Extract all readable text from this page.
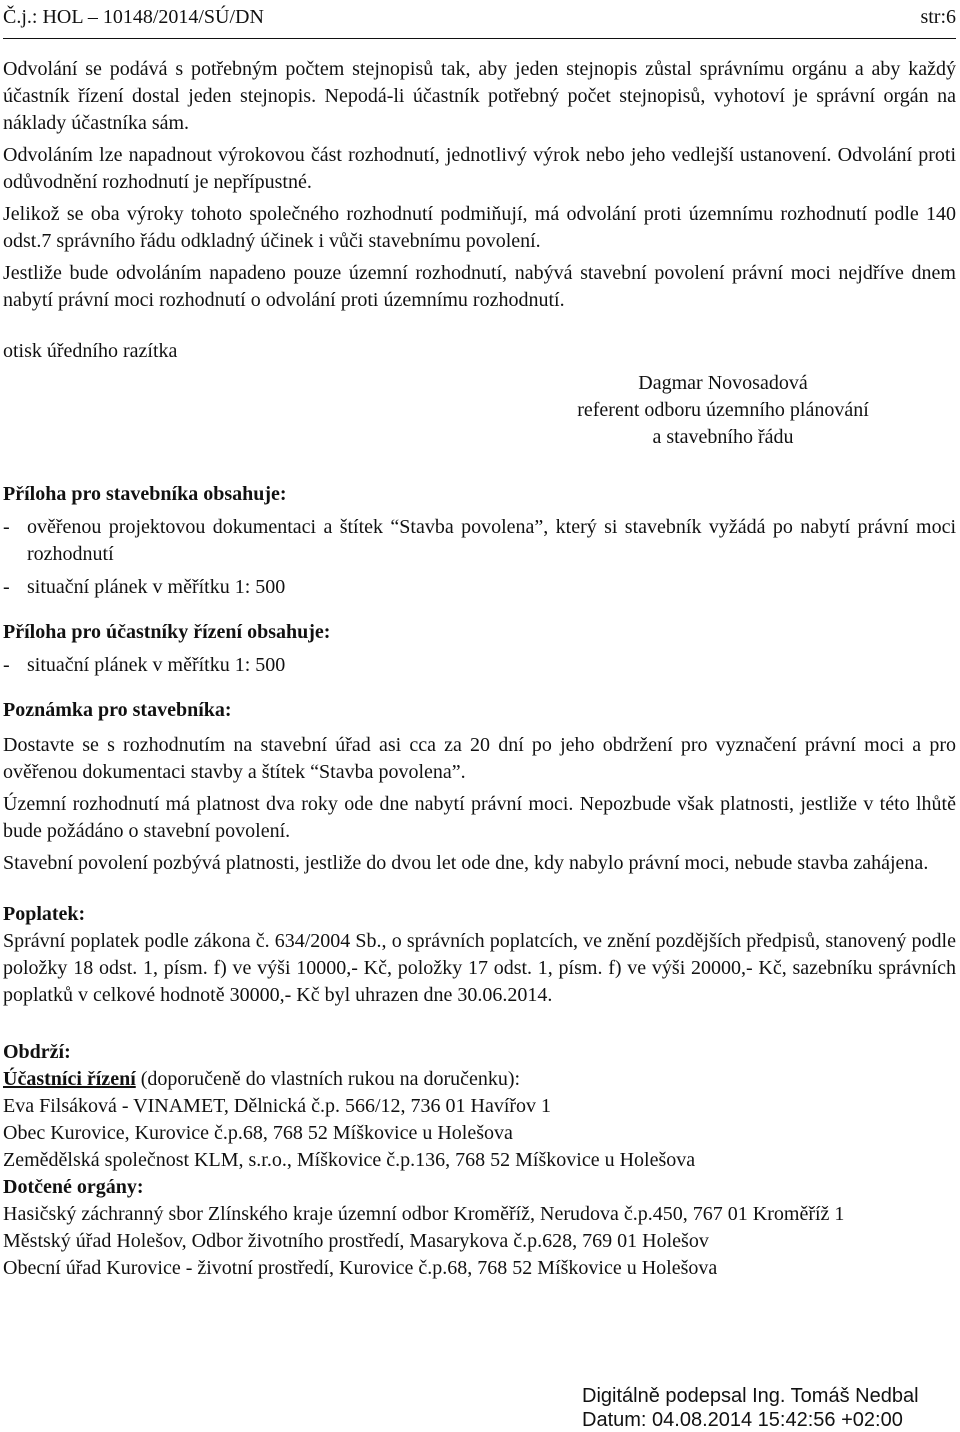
Č.j.: HOL – 10148/2014/SÚ/DN	str:6

Odvolání se podává s potřebným počtem stejnopisů tak, aby jeden stejnopis zůstal správnímu orgánu a aby každý účastník řízení dostal jeden stejnopis. Nepodá-li účastník potřebný počet stejnopisů, vyhotoví je správní orgán na náklady účastníka sám.

Odvoláním lze napadnout výrokovou část rozhodnutí, jednotlivý výrok nebo jeho vedlejší ustanovení. Odvolání proti odůvodnění rozhodnutí je nepřípustné.

Jelikož se oba výroky tohoto společného rozhodnutí podmiňují, má odvolání proti územnímu rozhodnutí podle 140 odst.7 správního řádu odkladný účinek i vůči stavebnímu povolení.

Jestliže bude odvoláním napadeno pouze územní rozhodnutí, nabývá stavební povolení právní moci nejdříve dnem nabytí právní moci rozhodnutí o odvolání proti územnímu rozhodnutí.

otisk úředního razítka

Dagmar Novosadová
referent odboru územního plánování
a stavebního řádu
Příloha pro stavebníka obsahuje:
- ověřenou projektovou dokumentaci a štítek “Stavba povolena”, který si stavebník vyžádá po nabytí právní moci rozhodnutí
- situační plánek v měřítku 1: 500
Příloha pro účastníky řízení obsahuje:
- situační plánek v měřítku 1: 500
Poznámka pro stavebníka:

Dostavte se s rozhodnutím na stavební úřad asi cca za 20 dní po jeho obdržení pro vyznačení právní moci a pro ověřenou dokumentaci stavby a štítek “Stavba povolena”.

Územní rozhodnutí má platnost dva roky ode dne nabytí právní moci. Nepozbude však platnosti, jestliže v této lhůtě bude požádáno o stavební povolení.

Stavební povolení pozbývá platnosti, jestliže do dvou let ode dne, kdy nabylo právní moci, nebude stavba zahájena.

Poplatek:

Správní poplatek podle zákona č. 634/2004 Sb., o správních poplatcích, ve znění pozdějších předpisů, stanovený podle položky 18 odst. 1, písm. f) ve výši 10000,- Kč, položky 17 odst. 1, písm. f) ve výši 20000,- Kč, sazebníku správních poplatků v celkové hodnotě 30000,- Kč byl uhrazen dne 30.06.2014.

Obdrží:
Účastníci řízení (doporučeně do vlastních rukou na doručenku):
Eva Filsáková - VINAMET, Dělnická č.p. 566/12, 736 01 Havířov 1
Obec Kurovice, Kurovice č.p.68, 768 52 Míškovice u Holešova
Zemědělská společnost KLM, s.r.o., Míškovice č.p.136, 768 52 Míškovice u Holešova
Dotčené orgány:
Hasičský záchranný sbor Zlínského kraje územní odbor Kroměříž, Nerudova č.p.450, 767 01 Kroměříž 1
Městský úřad Holešov, Odbor životního prostředí, Masarykova č.p.628, 769 01 Holešov
Obecní úřad Kurovice - životní prostředí, Kurovice č.p.68, 768 52 Míškovice u Holešova
Digitálně podepsal Ing. Tomáš Nedbal
Datum: 04.08.2014 15:42:56 +02:00
